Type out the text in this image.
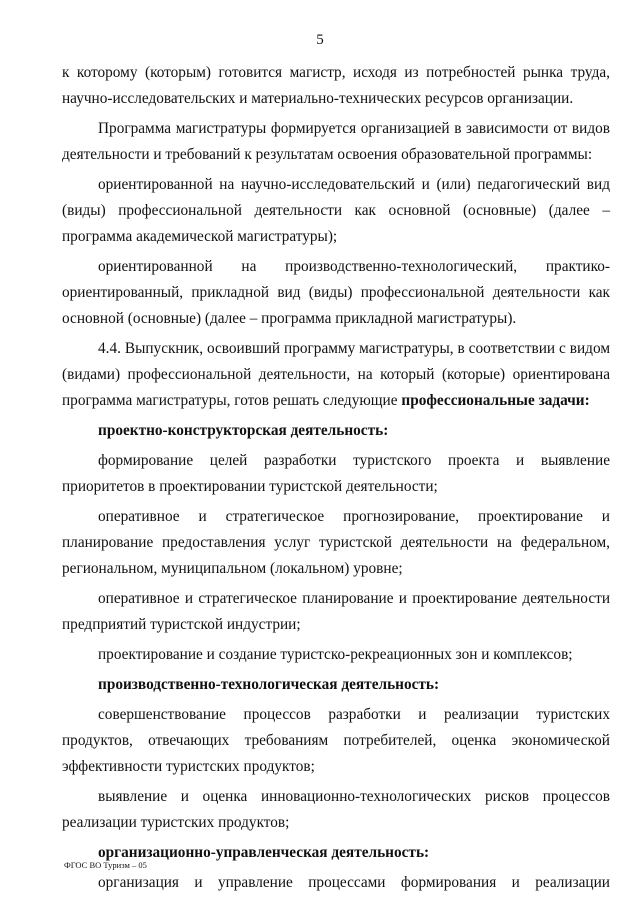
5

к которому (которым) готовится магистр, исходя из потребностей рынка труда, научно-исследовательских и материально-технических ресурсов организации.

Программа магистратуры формируется организацией в зависимости от видов деятельности и требований к результатам освоения образовательной программы:

ориентированной на научно-исследовательский и (или) педагогический вид (виды) профессиональной деятельности как основной (основные) (далее – программа академической магистратуры);

ориентированной на производственно-технологический, практико-ориентированный, прикладной вид (виды) профессиональной деятельности как основной (основные) (далее – программа прикладной магистратуры).

4.4. Выпускник, освоивший программу магистратуры, в соответствии с видом (видами) профессиональной деятельности, на который (которые) ориентирована программа магистратуры, готов решать следующие профессиональные задачи:

проектно-конструкторская деятельность:

формирование целей разработки туристского проекта и выявление приоритетов в проектировании туристской деятельности;

оперативное и стратегическое прогнозирование, проектирование и планирование предоставления услуг туристской деятельности на федеральном, региональном, муниципальном (локальном) уровне;

оперативное и стратегическое планирование и проектирование деятельности предприятий туристской индустрии;

проектирование и создание туристско-рекреационных зон и комплексов;

производственно-технологическая деятельность:

совершенствование процессов разработки и реализации туристских продуктов, отвечающих требованиям потребителей, оценка экономической эффективности туристских продуктов;

выявление и оценка инновационно-технологических рисков процессов реализации туристских продуктов;

организационно-управленческая деятельность:

организация и управление процессами формирования и реализации

ФГОС ВО Туризм – 05
